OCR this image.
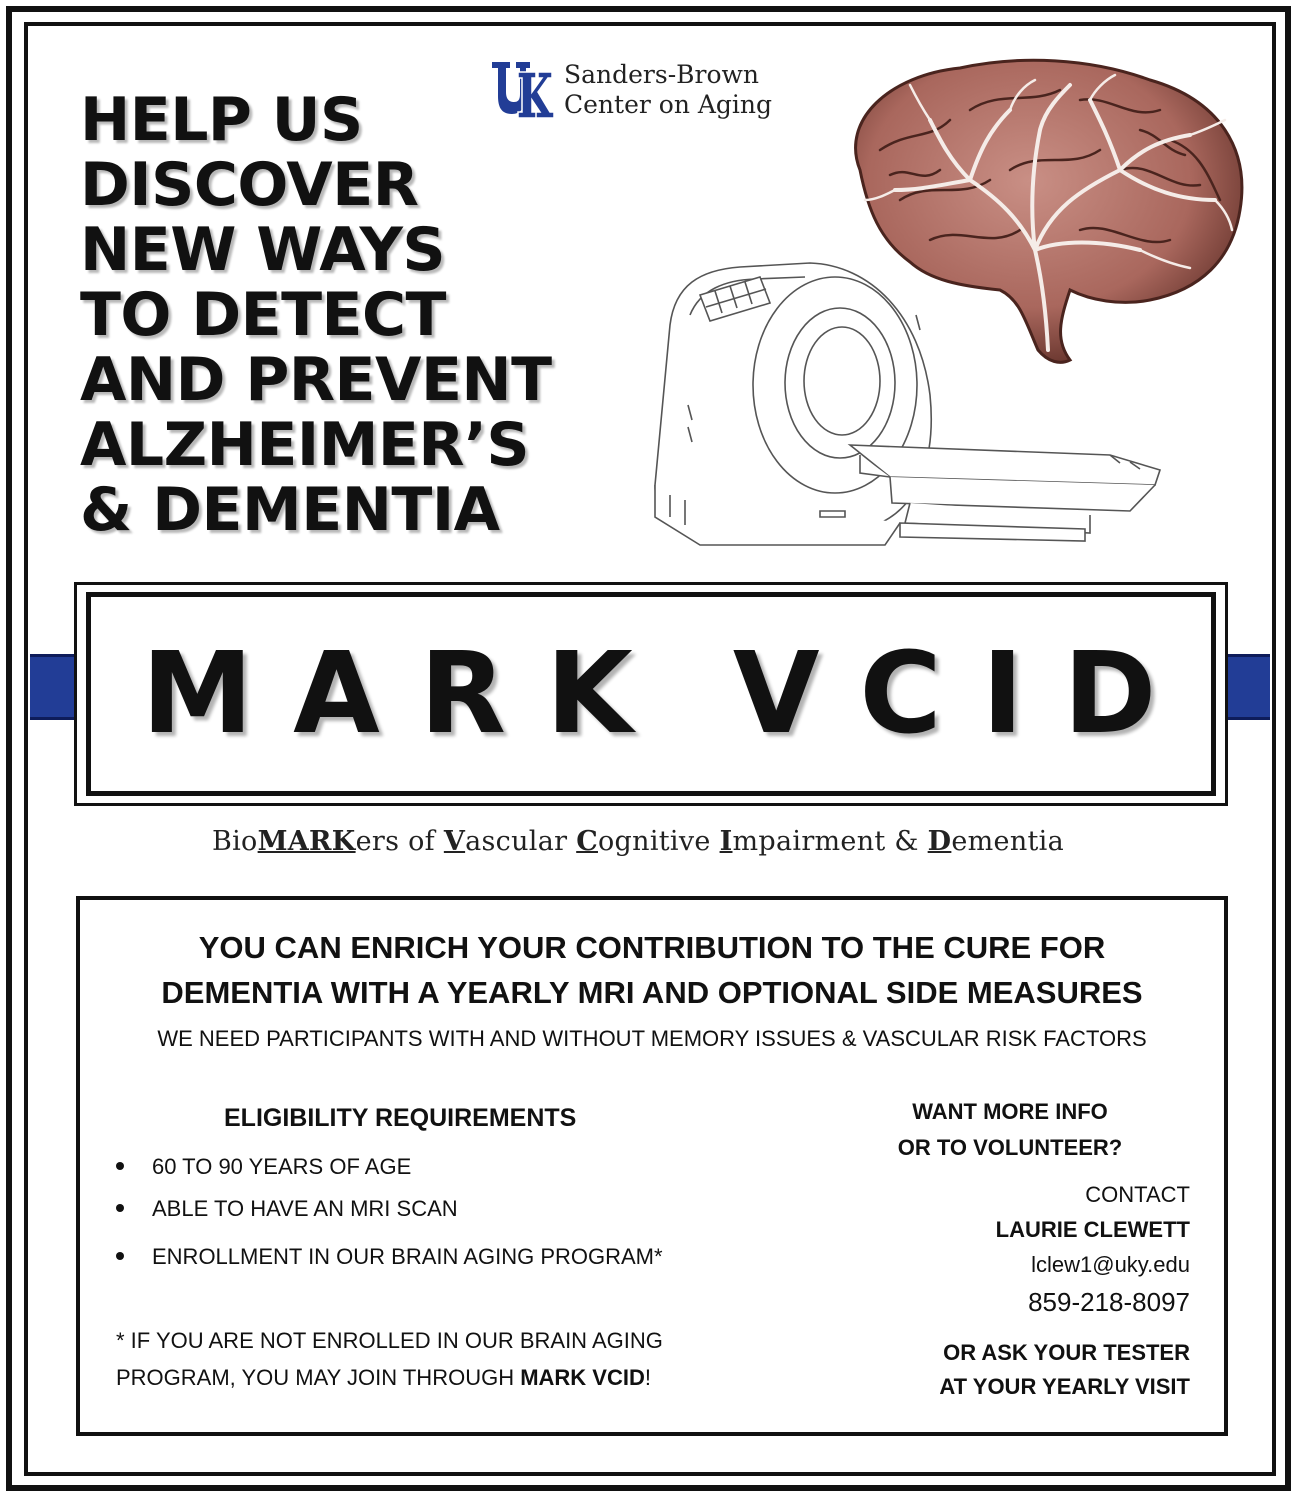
HELP US
DISCOVER
NEW WAYS
TO DETECT
AND PREVENT
ALZHEIMER’S
& DEMENTIA
Sanders-Brown
Center on Aging
MARK VCID
BioMARKers of Vascular Cognitive Impairment & Dementia
YOU CAN ENRICH YOUR CONTRIBUTION TO THE CURE FOR
DEMENTIA WITH A YEARLY MRI AND OPTIONAL SIDE MEASURES
WE NEED PARTICIPANTS WITH AND WITHOUT MEMORY ISSUES & VASCULAR RISK FACTORS
ELIGIBILITY REQUIREMENTS
60 TO 90 YEARS OF AGE
ABLE TO HAVE AN MRI SCAN
ENROLLMENT IN OUR BRAIN AGING PROGRAM*
* IF YOU ARE NOT ENROLLED IN OUR BRAIN AGING PROGRAM, YOU MAY JOIN THROUGH MARK VCID!
WANT MORE INFO
OR TO VOLUNTEER?
CONTACT
LAURIE CLEWETT
lclew1@uky.edu
859-218-8097
OR ASK YOUR TESTER
AT YOUR YEARLY VISIT
